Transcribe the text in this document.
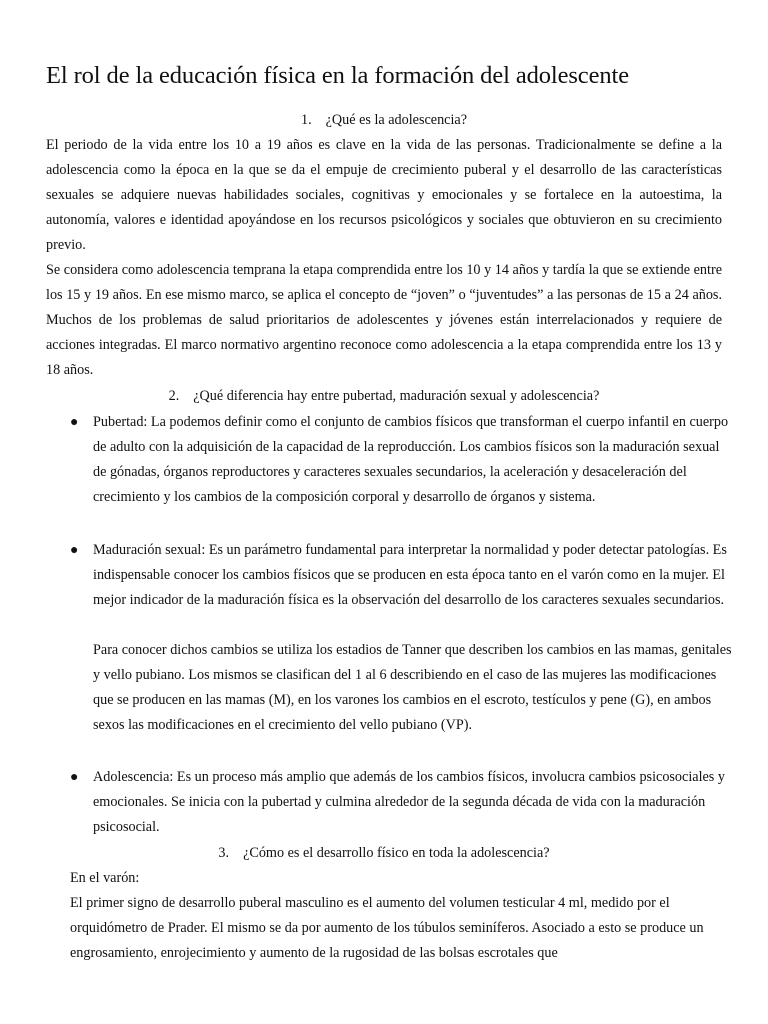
El rol de la educación física en la formación del adolescente

1. ¿Qué es la adolescencia?

El periodo de la vida entre los 10 a 19 años es clave en la vida de las personas. Tradicionalmente se define a la adolescencia como la época en la que se da el empuje de crecimiento puberal y el desarrollo de las características sexuales se adquiere nuevas habilidades sociales, cognitivas y emocionales y se fortalece en la autoestima, la autonomía, valores e identidad apoyándose en los recursos psicológicos y sociales que obtuvieron en su crecimiento previo.

Se considera como adolescencia temprana la etapa comprendida entre los 10 y 14 años y tardía la que se extiende entre los 15 y 19 años. En ese mismo marco, se aplica el concepto de “joven” o “juventudes” a las personas de 15 a 24 años. Muchos de los problemas de salud prioritarios de adolescentes y jóvenes están interrelacionados y requiere de acciones integradas. El marco normativo argentino reconoce como adolescencia a la etapa comprendida entre los 13 y 18 años.

2. ¿Qué diferencia hay entre pubertad, maduración sexual y adolescencia?

● Pubertad: La podemos definir como el conjunto de cambios físicos que transforman el cuerpo infantil en cuerpo de adulto con la adquisición de la capacidad de la reproducción. Los cambios físicos son la maduración sexual de gónadas, órganos reproductores y caracteres sexuales secundarios, la aceleración y desaceleración del crecimiento y los cambios de la composición corporal y desarrollo de órganos y sistema.

● Maduración sexual: Es un parámetro fundamental para interpretar la normalidad y poder detectar patologías. Es indispensable conocer los cambios físicos que se producen en esta época tanto en el varón como en la mujer. El mejor indicador de la maduración física es la observación del desarrollo de los caracteres sexuales secundarios.

Para conocer dichos cambios se utiliza los estadios de Tanner que describen los cambios en las mamas, genitales y vello pubiano. Los mismos se clasifican del 1 al 6 describiendo en el caso de las mujeres las modificaciones que se producen en las mamas (M), en los varones los cambios en el escroto, testículos y pene (G), en ambos sexos las modificaciones en el crecimiento del vello pubiano (VP).

● Adolescencia: Es un proceso más amplio que además de los cambios físicos, involucra cambios psicosociales y emocionales. Se inicia con la pubertad y culmina alrededor de la segunda década de vida con la maduración psicosocial.

3. ¿Cómo es el desarrollo físico en toda la adolescencia?

En el varón:

El primer signo de desarrollo puberal masculino es el aumento del volumen testicular 4 ml, medido por el orquidómetro de Prader. El mismo se da por aumento de los túbulos seminíferos. Asociado a esto se produce un engrosamiento, enrojecimiento y aumento de la rugosidad de las bolsas escrotales que
